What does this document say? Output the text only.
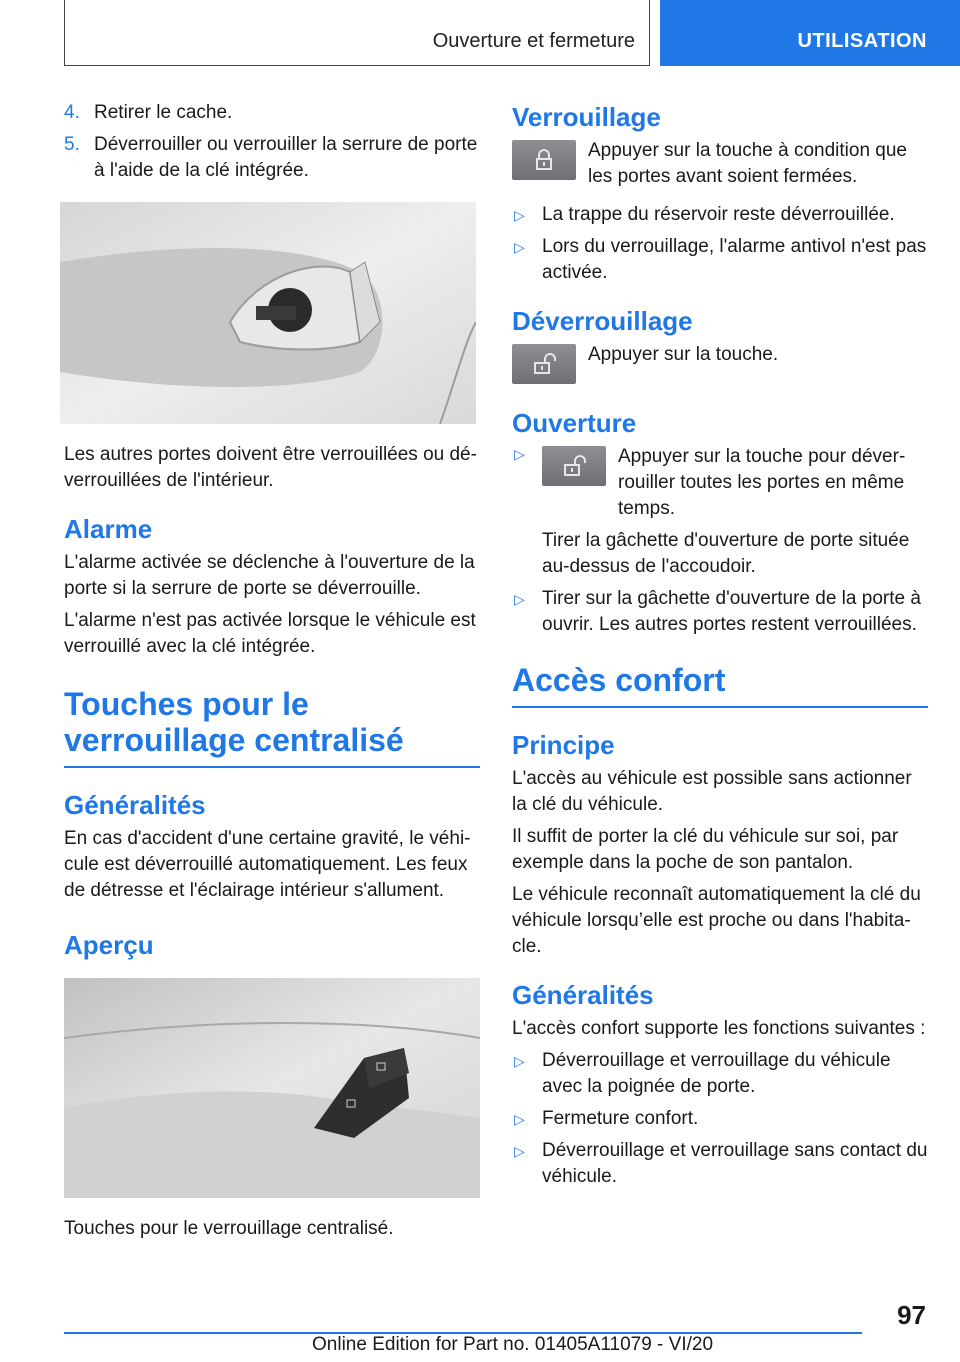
Ouverture et fermeture	UTILISATION
4. Retirer le cache.
5. Déverrouiller ou verrouiller la serrure de porte à l'aide de la clé intégrée.

Les autres portes doivent être verrouillées ou déverrouillées de l'intérieur.

Alarme

L'alarme activée se déclenche à l'ouverture de la porte si la serrure de porte se déverrouille.

L'alarme n'est pas activée lorsque le véhicule est verrouillé avec la clé intégrée.

Touches pour le verrouillage centralisé
Généralités

En cas d'accident d'une certaine gravité, le véhicule est déverrouillé automatiquement. Les feux de détresse et l'éclairage intérieur s'allument.

Aperçu

Touches pour le verrouillage centralisé.

Verrouillage

Appuyer sur la touche à condition que les portes avant soient fermées.

▷ La trappe du réservoir reste déverrouillée.
▷ Lors du verrouillage, l'alarme antivol n'est pas activée.
Déverrouillage

Appuyer sur la touche.

Ouverture
▷	Appuyer sur la touche pour déverrouiller toutes les portes en même temps.

Tirer la gâchette d'ouverture de porte située au-dessus de l'accoudoir.

▷ Tirer sur la gâchette d'ouverture de la porte à ouvrir. Les autres portes restent verrouillées.
Accès confort
Principe

L'accès au véhicule est possible sans actionner la clé du véhicule.

Il suffit de porter la clé du véhicule sur soi, par exemple dans la poche de son pantalon.

Le véhicule reconnaît automatiquement la clé du véhicule lorsqu’elle est proche ou dans l'habitacle.

Généralités

L'accès confort supporte les fonctions suivantes :

▷ Déverrouillage et verrouillage du véhicule avec la poignée de porte.
▷ Fermeture confort.
▷ Déverrouillage et verrouillage sans contact du véhicule.
97
Online Edition for Part no. 01405A11079 - VI/20
